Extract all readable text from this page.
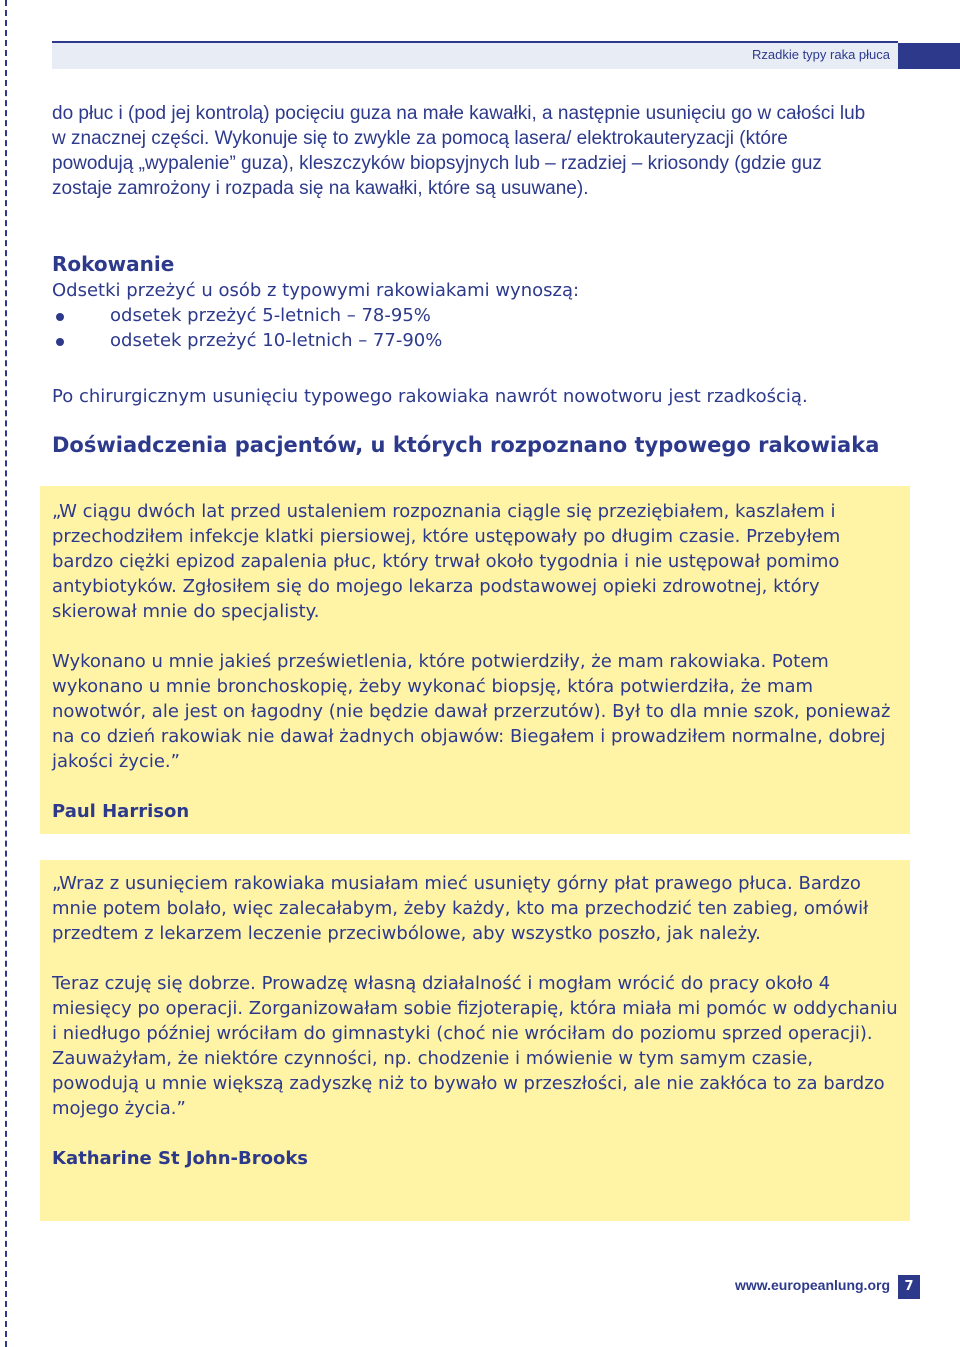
Rzadkie typy raka płuca

do płuc i (pod jej kontrolą) pocięciu guza na małe kawałki, a następnie usunięciu go w całości lub w znacznej części. Wykonuje się to zwykle za pomocą lasera/ elektrokauteryzacji (które powodują „wypalenie” guza), kleszczyków biopsyjnych lub – rzadziej – kriosondy (gdzie guz zostaje zamrożony i rozpada się na kawałki, które są usuwane).

Rokowanie

Odsetki przeżyć u osób z typowymi rakowiakami wynoszą:

odsetek przeżyć 5-letnich – 78-95%
odsetek przeżyć 10-letnich – 77-90%

Po chirurgicznym usunięciu typowego rakowiaka nawrót nowotworu jest rzadkością.

Doświadczenia pacjentów, u których rozpoznano typowego rakowiaka

„W ciągu dwóch lat przed ustaleniem rozpoznania ciągle się przeziębiałem, kaszlałem i przechodziłem infekcje klatki piersiowej, które ustępowały po długim czasie. Przebyłem bardzo ciężki epizod zapalenia płuc, który trwał około tygodnia i nie ustępował pomimo antybiotyków. Zgłosiłem się do mojego lekarza podstawowej opieki zdrowotnej, który skierował mnie do specjalisty.

Wykonano u mnie jakieś prześwietlenia, które potwierdziły, że mam rakowiaka. Potem wykonano u mnie bronchoskopię, żeby wykonać biopsję, która potwierdziła, że mam nowotwór, ale jest on łagodny (nie będzie dawał przerzutów). Był to dla mnie szok, ponieważ na co dzień rakowiak nie dawał żadnych objawów: Biegałem i prowadziłem normalne, dobrej jakości życie.”

Paul Harrison

„Wraz z usunięciem rakowiaka musiałam mieć usunięty górny płat prawego płuca. Bardzo mnie potem bolało, więc zalecałabym, żeby każdy, kto ma przechodzić ten zabieg, omówił przedtem z lekarzem leczenie przeciwbólowe, aby wszystko poszło, jak należy.

Teraz czuję się dobrze. Prowadzę własną działalność i mogłam wrócić do pracy około 4 miesięcy po operacji. Zorganizowałam sobie fizjoterapię, która miała mi pomóc w oddychaniu i niedługo później wróciłam do gimnastyki (choć nie wróciłam do poziomu sprzed operacji). Zauważyłam, że niektóre czynności, np. chodzenie i mówienie w tym samym czasie, powodują u mnie większą zadyszkę niż to bywało w przeszłości, ale nie zakłóca to za bardzo mojego życia.”

Katharine St John-Brooks

www.europeanlung.org	7
